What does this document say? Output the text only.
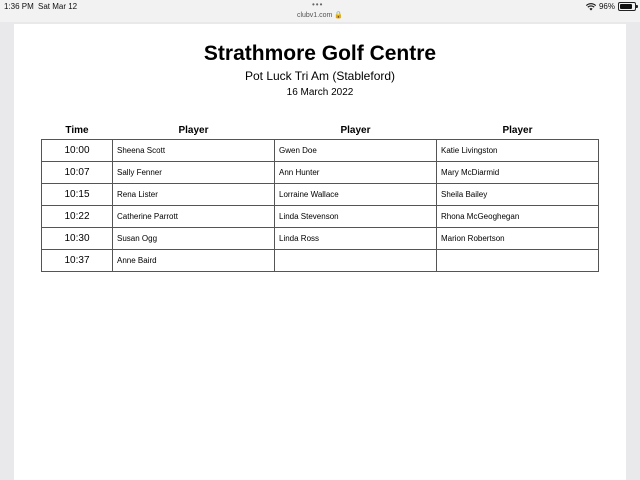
1:36 PM Sat Mar 12	•••
clubv1.com 🔒
96%
Strathmore Golf Centre
Pot Luck Tri Am (Stableford)
16 March 2022
Time	Player	Player	Player
10:00	Sheena Scott	Gwen Doe	Katie Livingston
10:07	Sally Fenner	Ann Hunter	Mary McDiarmid
10:15	Rena Lister	Lorraine Wallace	Sheila Bailey
10:22	Catherine Parrott	Linda Stevenson	Rhona McGeoghegan
10:30	Susan Ogg	Linda Ross	Marion Robertson
10:37	Anne Baird		
